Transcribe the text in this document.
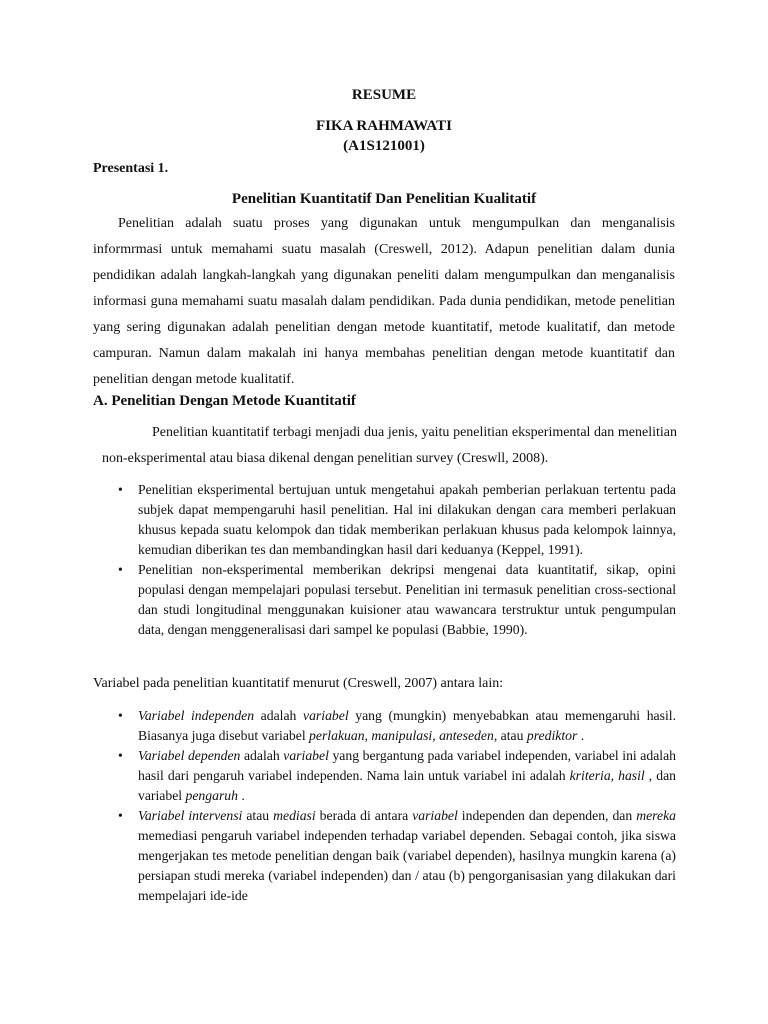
RESUME
FIKA RAHMAWATI
(A1S121001)
Presentasi 1.
Penelitian Kuantitatif Dan Penelitian Kualitatif

Penelitian adalah suatu proses yang digunakan untuk mengumpulkan dan menganalisis informrmasi untuk memahami suatu masalah (Creswell, 2012). Adapun penelitian dalam dunia pendidikan adalah langkah-langkah yang digunakan peneliti dalam mengumpulkan dan menganalisis informasi guna memahami suatu masalah dalam pendidikan. Pada dunia pendidikan, metode penelitian yang sering digunakan adalah penelitian dengan metode kuantitatif, metode kualitatif, dan metode campuran. Namun dalam makalah ini hanya membahas penelitian dengan metode kuantitatif dan penelitian dengan metode kualitatif.

A. Penelitian Dengan Metode Kuantitatif

Penelitian kuantitatif terbagi menjadi dua jenis, yaitu penelitian eksperimental dan menelitian non-eksperimental atau biasa dikenal dengan penelitian survey (Creswll, 2008).

• Penelitian eksperimental bertujuan untuk mengetahui apakah pemberian perlakuan tertentu pada subjek dapat mempengaruhi hasil penelitian. Hal ini dilakukan dengan cara memberi perlakuan khusus kepada suatu kelompok dan tidak memberikan perlakuan khusus pada kelompok lainnya, kemudian diberikan tes dan membandingkan hasil dari keduanya (Keppel, 1991).
• Penelitian non-eksperimental memberikan dekripsi mengenai data kuantitatif, sikap, opini populasi dengan mempelajari populasi tersebut. Penelitian ini termasuk penelitian cross-sectional dan studi longitudinal menggunakan kuisioner atau wawancara terstruktur untuk pengumpulan data, dengan menggeneralisasi dari sampel ke populasi (Babbie, 1990).
Variabel pada penelitian kuantitatif menurut (Creswell, 2007) antara lain:
• Variabel independen adalah variabel yang (mungkin) menyebabkan atau memengaruhi hasil. Biasanya juga disebut variabel perlakuan, manipulasi, anteseden, atau prediktor .
• Variabel dependen adalah variabel yang bergantung pada variabel independen, variabel ini adalah hasil dari pengaruh variabel independen. Nama lain untuk variabel ini adalah kriteria, hasil , dan variabel pengaruh .
• Variabel intervensi atau mediasi berada di antara variabel independen dan dependen, dan mereka memediasi pengaruh variabel independen terhadap variabel dependen. Sebagai contoh, jika siswa mengerjakan tes metode penelitian dengan baik (variabel dependen), hasilnya mungkin karena (a) persiapan studi mereka (variabel independen) dan / atau (b) pengorganisasian yang dilakukan dari mempelajari ide-ide
